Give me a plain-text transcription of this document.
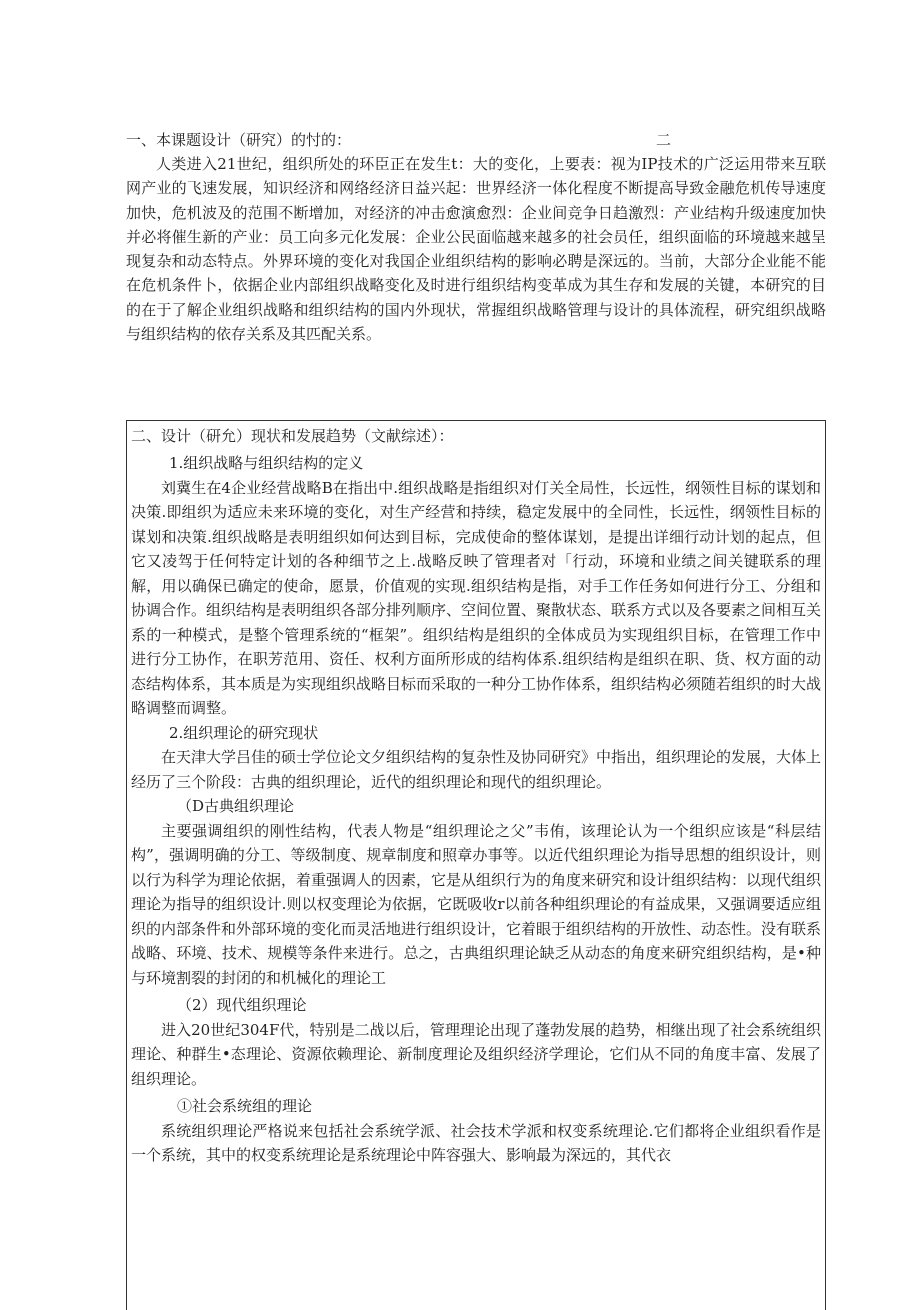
一、本课题设计（研究）的忖的：	二

人类进入21世纪，组织所处的环臣正在发生t：大的变化，上要表：视为IP技术的广泛运用带来互联网产业的飞速发展，知识经济和网络经济日益兴起：世界经济一体化程度不断提高导致金融危机传导速度加快，危机波及的范围不断增加，对经济的冲击愈演愈烈：企业间竞争日趋激烈：产业结构升级速度加快并必将催生新的产业：员工向多元化发展：企业公民面临越来越多的社会员任，组织面临的环境越来越呈现复杂和动态特点。外界环境的变化对我国企业组织结构的影响必聘是深远的。当前，大部分企业能不能在危机条件卜，依据企业内部组织战略变化及时进行组织结构变革成为其生存和发展的关键，本研究的目的在于了解企业组织战略和组织结构的国内外现状，常握组织战略管理与设计的具体流程，研究组织战略与组织结构的依存关系及其匹配关系。

二、设计（研允）现状和发展趋势（文献综述）：

1.组织战略与组织结构的定义

刘冀生在4企业经营战略B在指出中.组织战略是指组织对仃关全局性，长远性，纲领性目标的谋划和决策.即组织为适应未来环境的变化，对生产经营和持续，稳定发展中的全同性，长远性，纲领性目标的谋划和决策.组织战略是表明组织如何达到目标，完成使命的整体谋划，是提出详细行动计划的起点，但它又凌驾于任何特定计划的各种细节之上.战略反映了管理者对「行动，环境和业绩之间关键联系的理解，用以确保已确定的使命，愿景，价值观的实现.组织结构是指，对手工作任务如何进行分工、分组和协调合作。组织结构是表明组织各部分排列顺序、空间位置、聚散状态、联系方式以及各要素之间相互关系的一种模式，是整个管理系统的“框架”。组织结构是组织的全体成员为实现组织目标，在管理工作中进行分工协作，在职芳范用、资任、权利方面所形成的结构体系.组织结构是组织在职、货、权方面的动态结构体系，其本质是为实现组织战略目标而采取的一种分工协作体系，组织结构必须随若组织的时大战略调整而调整。

2.组织理论的研究现状

在天津大学吕佳的硕士学位论文夕组织结构的复杂性及协同研究》中指出，组织理论的发展，大体上经历了三个阶段：古典的组织理论，近代的组织理论和现代的组织理论。

（D古典组织理论

主要强调组织的刚性结构，代表人物是“组织理论之父”韦侑，该理论认为一个组织应该是“科层结构”，强调明确的分工、等级制度、规章制度和照章办事等。以近代组织理论为指导思想的组织设计，则以行为科学为理论依据，着重强调人的因素，它是从组织行为的角度来研究和设计组织结构：以现代组织理论为指导的组织设计.则以权变理论为依据，它既吸收r以前各种组织理论的有益成果，又强调要适应组织的内部条件和外部环境的变化而灵活地进行组织设计，它着眼于组织结构的开放性、动态性。没有联系战略、环境、技术、规模等条件来进行。总之，古典组织理论缺乏从动态的角度来研究组织结构，是•种与环境割裂的封闭的和机械化的理论工

（2）现代组织理论

进入20世纪304F代，特别是二战以后，管理理论出现了蓬勃发展的趋势，相继出现了社会系统组织理论、种群生•态理论、资源依赖理论、新制度理论及组织经济学理论，它们从不同的角度丰富、发展了组织理论。

①社会系统组的理论

系统组织理论严格说来包括社会系统学派、社会技术学派和权变系统理论.它们都将企业组织看作是一个系统，其中的权变系统理论是系统理论中阵容强大、影响最为深远的，其代衣
